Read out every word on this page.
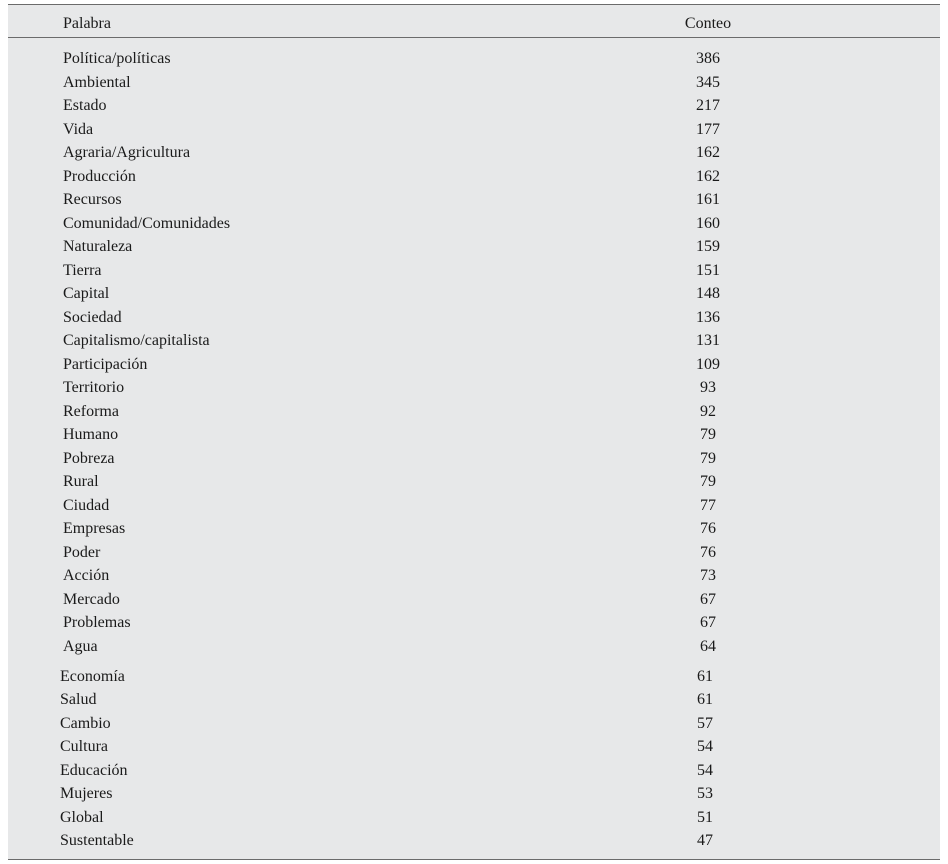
Palabra	Conteo
Política/políticas	386
Ambiental	345
Estado	217
Vida	177
Agraria/Agricultura	162
Producción	162
Recursos	161
Comunidad/Comunidades	160
Naturaleza	159
Tierra	151
Capital	148
Sociedad	136
Capitalismo/capitalista	131
Participación	109
Territorio	93
Reforma	92
Humano	79
Pobreza	79
Rural	79
Ciudad	77
Empresas	76
Poder	76
Acción	73
Mercado	67
Problemas	67
Agua	64
Economía	61
Salud	61
Cambio	57
Cultura	54
Educación	54
Mujeres	53
Global	51
Sustentable	47
